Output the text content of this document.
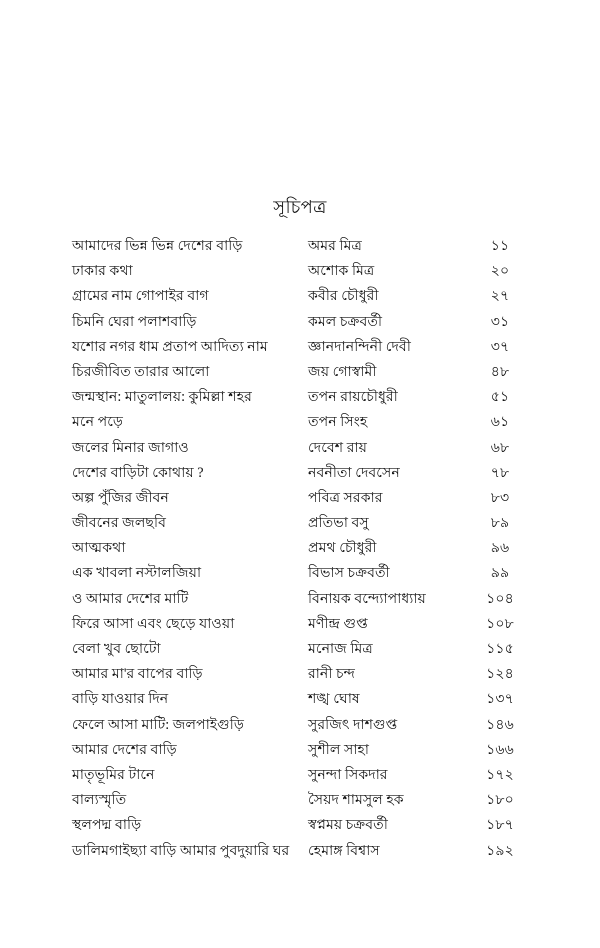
সূচিপত্র
আমাদের ভিন্ন ভিন্ন দেশের বাড়ি	অমর মিত্র	১১
ঢাকার কথা	অশোক মিত্র	২০
গ্রামের নাম গোপাইর বাগ	কবীর চৌধুরী	২৭
চিমনি ঘেরা পলাশবাড়ি	কমল চক্রবর্তী	৩১
যশোর নগর ধাম প্রতাপ আদিত্য নাম	জ্ঞানদানন্দিনী দেবী	৩৭
চিরজীবিত তারার আলো	জয় গোস্বামী	৪৮
জন্মস্থান: মাতুলালয়: কুমিল্লা শহর	তপন রায়চৌধুরী	৫১
মনে পড়ে	তপন সিংহ	৬১
জলের মিনার জাগাও	দেবেশ রায়	৬৮
দেশের বাড়িটা কোথায় ?	নবনীতা দেবসেন	৭৮
অল্প পুঁজির জীবন	পবিত্র সরকার	৮৩
জীবনের জলছবি	প্রতিভা বসু	৮৯
আত্মকথা	প্রমথ চৌধুরী	৯৬
এক খাবলা নস্টালজিয়া	বিভাস চক্রবর্তী	৯৯
ও আমার দেশের মাটি	বিনায়ক বন্দ্যোপাধ্যায়	১০৪
ফিরে আসা এবং ছেড়ে যাওয়া	মণীন্দ্র গুপ্ত	১০৮
বেলা খুব ছোটো	মনোজ মিত্র	১১৫
আমার মা'র বাপের বাড়ি	রানী চন্দ	১২৪
বাড়ি যাওয়ার দিন	শঙ্খ ঘোষ	১৩৭
ফেলে আসা মাটি: জলপাইগুড়ি	সুরজিৎ দাশগুপ্ত	১৪৬
আমার দেশের বাড়ি	সুশীল সাহা	১৬৬
মাতৃভূমির টানে	সুনন্দা সিকদার	১৭২
বাল্যস্মৃতি	সৈয়দ শামসুল হক	১৮০
স্থলপদ্ম বাড়ি	স্বপ্নময় চক্রবর্তী	১৮৭
ডালিমগাইছ্যা বাড়ি আমার পুবদুয়ারি ঘর	হেমাঙ্গ বিশ্বাস	১৯২
